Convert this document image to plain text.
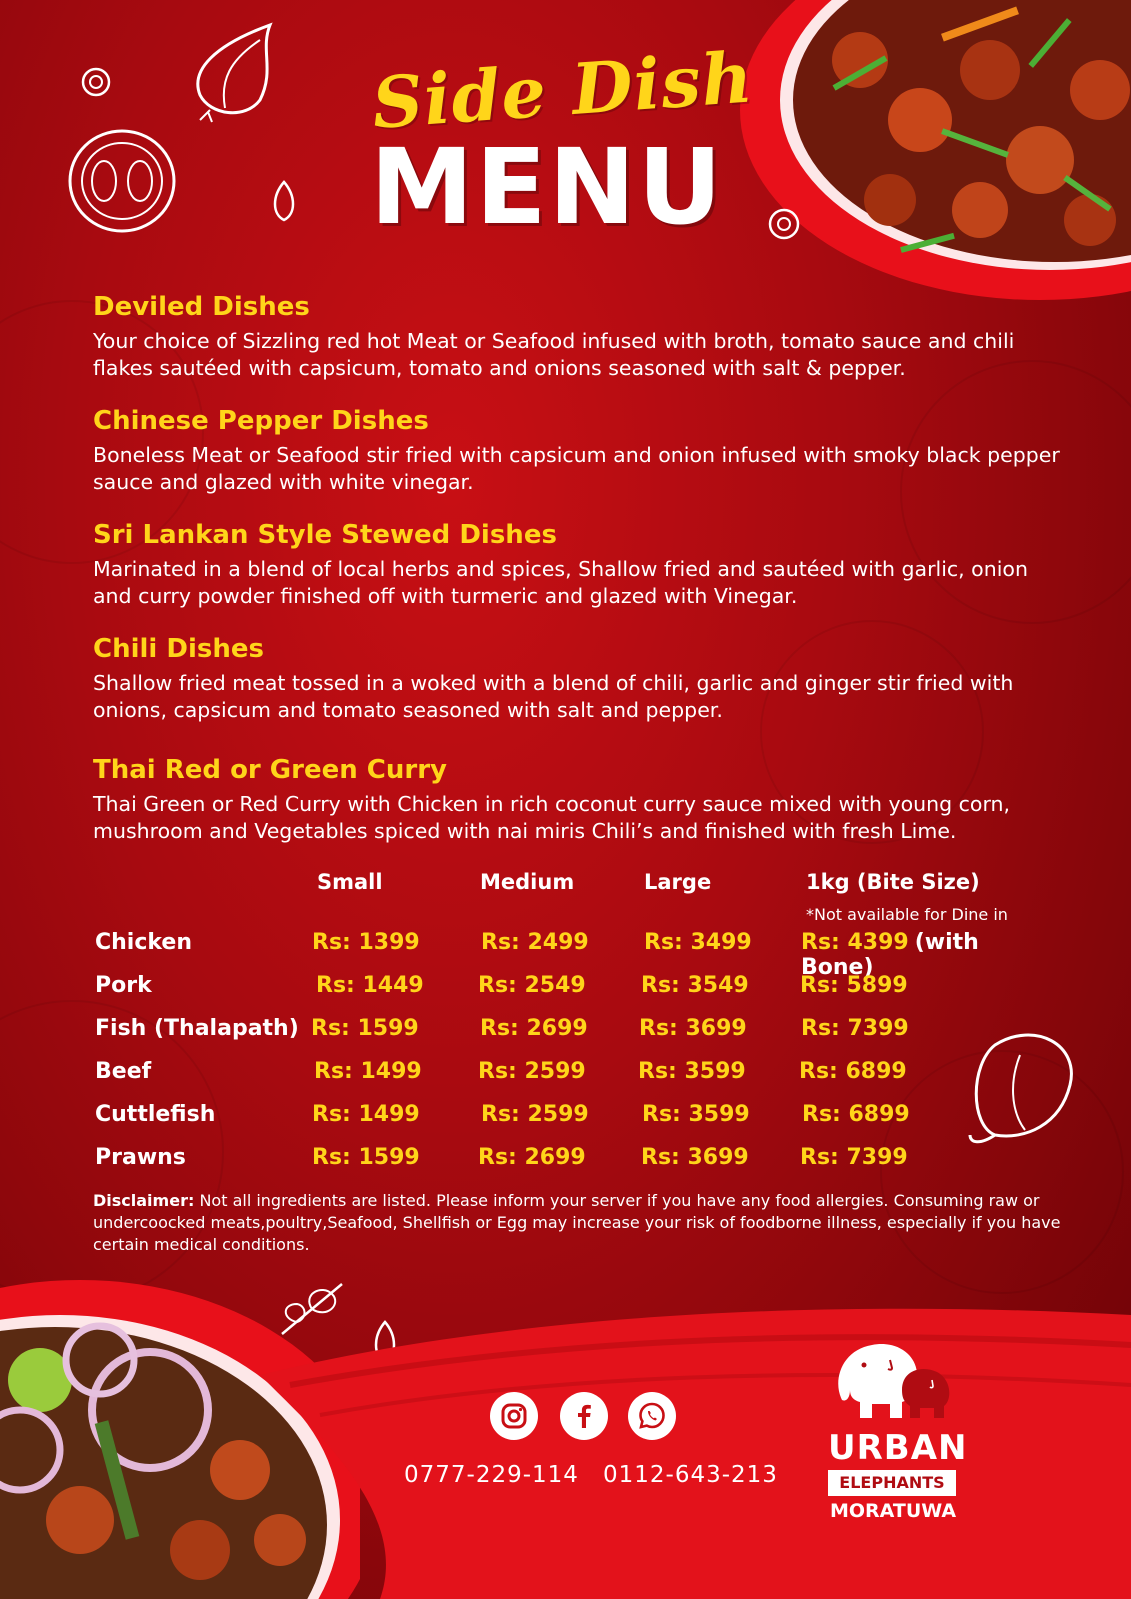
Side Dish
MENU

Deviled Dishes

Your choice of Sizzling red hot Meat or Seafood infused with broth, tomato sauce and chili flakes sautéed with capsicum, tomato and onions seasoned with salt & pepper.

Chinese Pepper Dishes

Boneless Meat or Seafood stir fried with capsicum and onion infused with smoky black pepper sauce and glazed with white vinegar.

Sri Lankan Style Stewed Dishes

Marinated in a blend of local herbs and spices, Shallow fried and sautéed with garlic, onion and curry powder finished off with turmeric and glazed with Vinegar.

Chili Dishes

Shallow fried meat tossed in a woked with a blend of chili, garlic and ginger stir fried with onions, capsicum and tomato seasoned with salt and pepper.

Thai Red or Green Curry

Thai Green or Red Curry with Chicken in rich coconut curry sauce mixed with young corn, mushroom and Vegetables spiced with nai miris Chili’s and finished with fresh Lime.

Small	Medium	Large	1kg (Bite Size)
*Not available for Dine in
Chicken	Rs: 1399	Rs: 2499	Rs: 3499 Rs: 4399 (with Bone)
Pork	Rs: 1449 Rs: 2549	Rs: 3549 Rs: 5899
Fish (Thalapath) Rs: 1599	Rs: 2699 Rs: 3699 Rs: 7399
Beef	Rs: 1499	Rs: 2599 Rs: 3599 Rs: 6899
Cuttlefish	Rs: 1499	Rs: 2599 Rs: 3599 Rs: 6899
Prawns	Rs: 1599	Rs: 2699	Rs: 3699 Rs: 7399
Disclaimer: Not all ingredients are listed. Please inform your server if you have any food allergies. Consuming raw or undercoocked meats,poultry,Seafood, Shellfish or Egg may increase your risk of foodborne illness, especially if you have certain medical conditions.
0777-229-114 0112-643-213
URBAN
ELEPHANTS
MORATUWA
